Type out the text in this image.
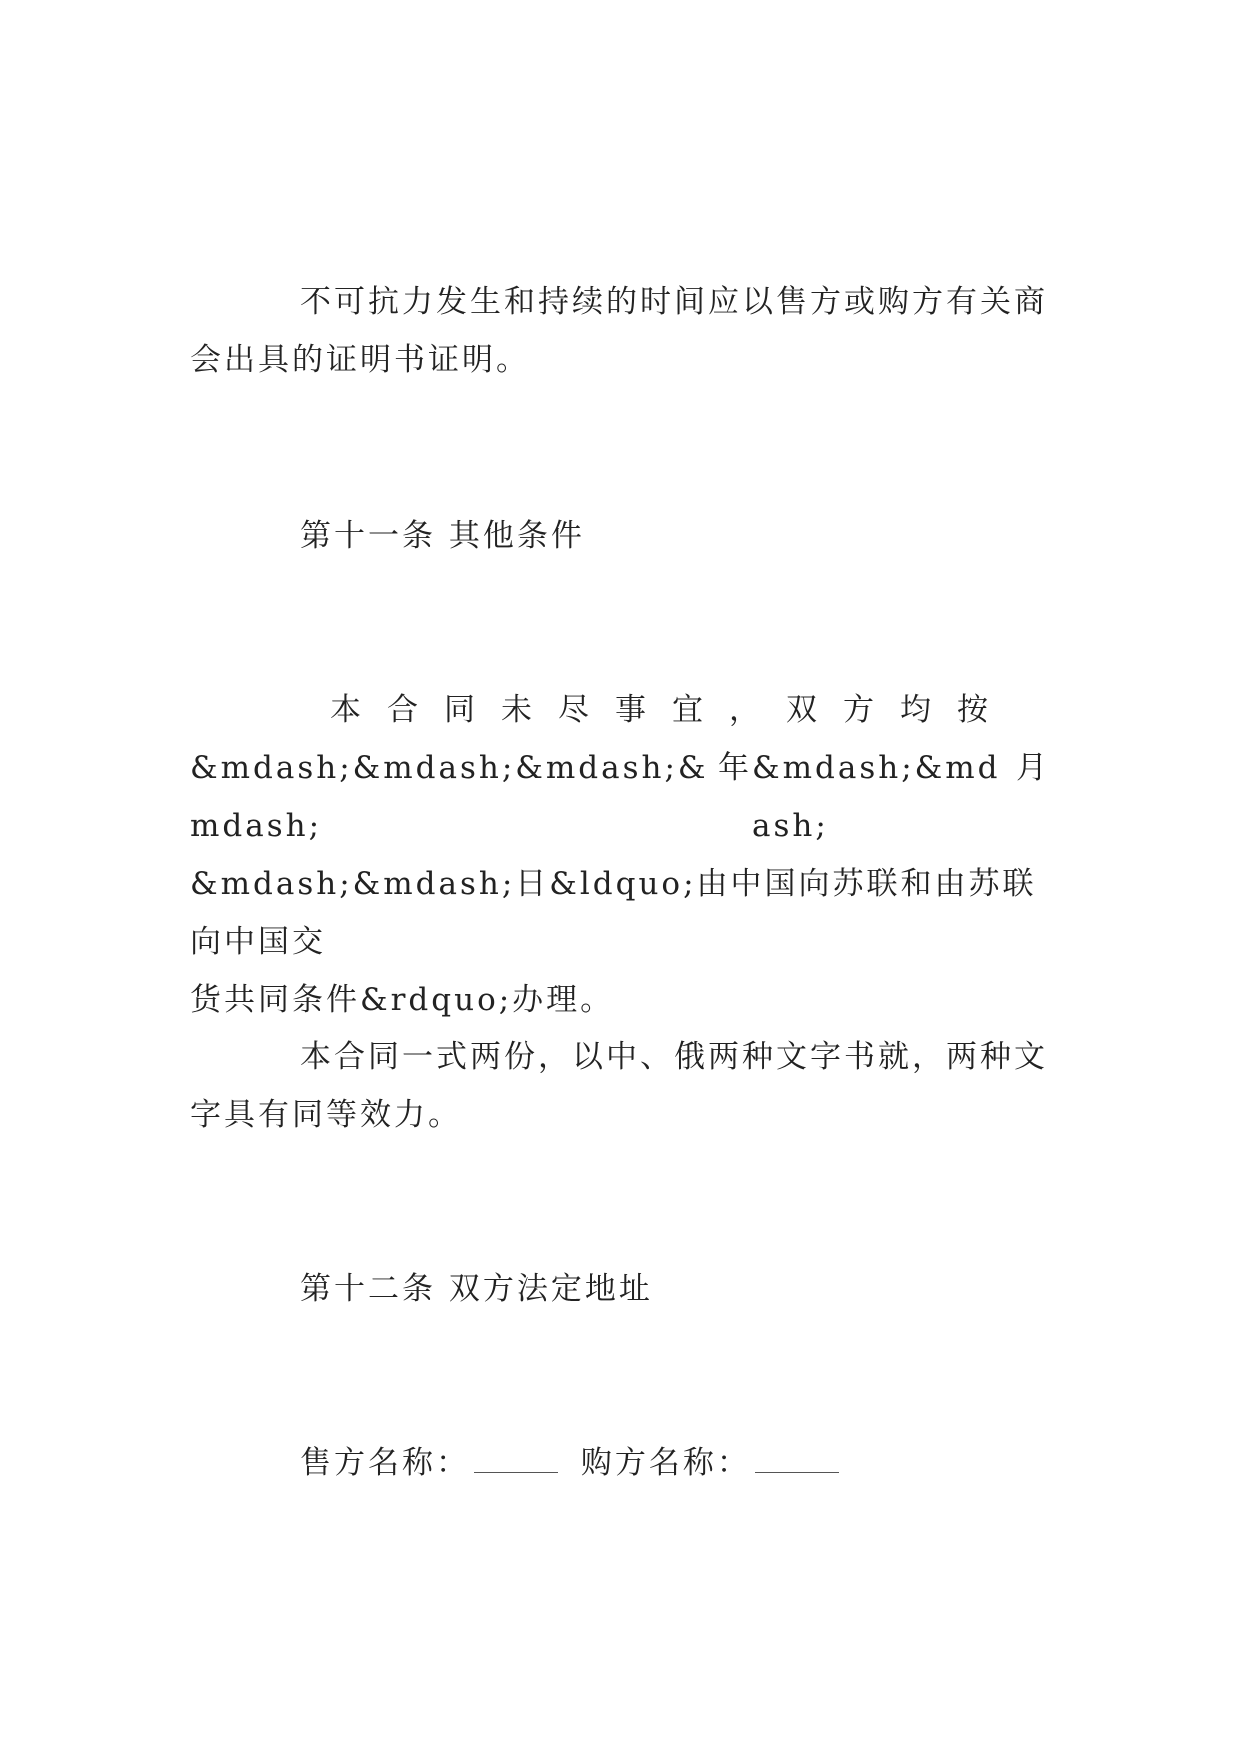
不可抗力发生和持续的时间应以售方或购方有关商会出具的证明书证明。

第十一条 其他条件
本合同未尽事宜，双方均按
&mdash;&mdash;&mdash;&mdash;
年 &mdash;&mdash;
月
&mdash;&mdash;日&ldquo;由中国向苏联和由苏联向中国交
货共同条件&rdquo;办理。

本合同一式两份，以中、俄两种文字书就，两种文字具有同等效力。

第十二条 双方法定地址
售方名称：	购方名称：
